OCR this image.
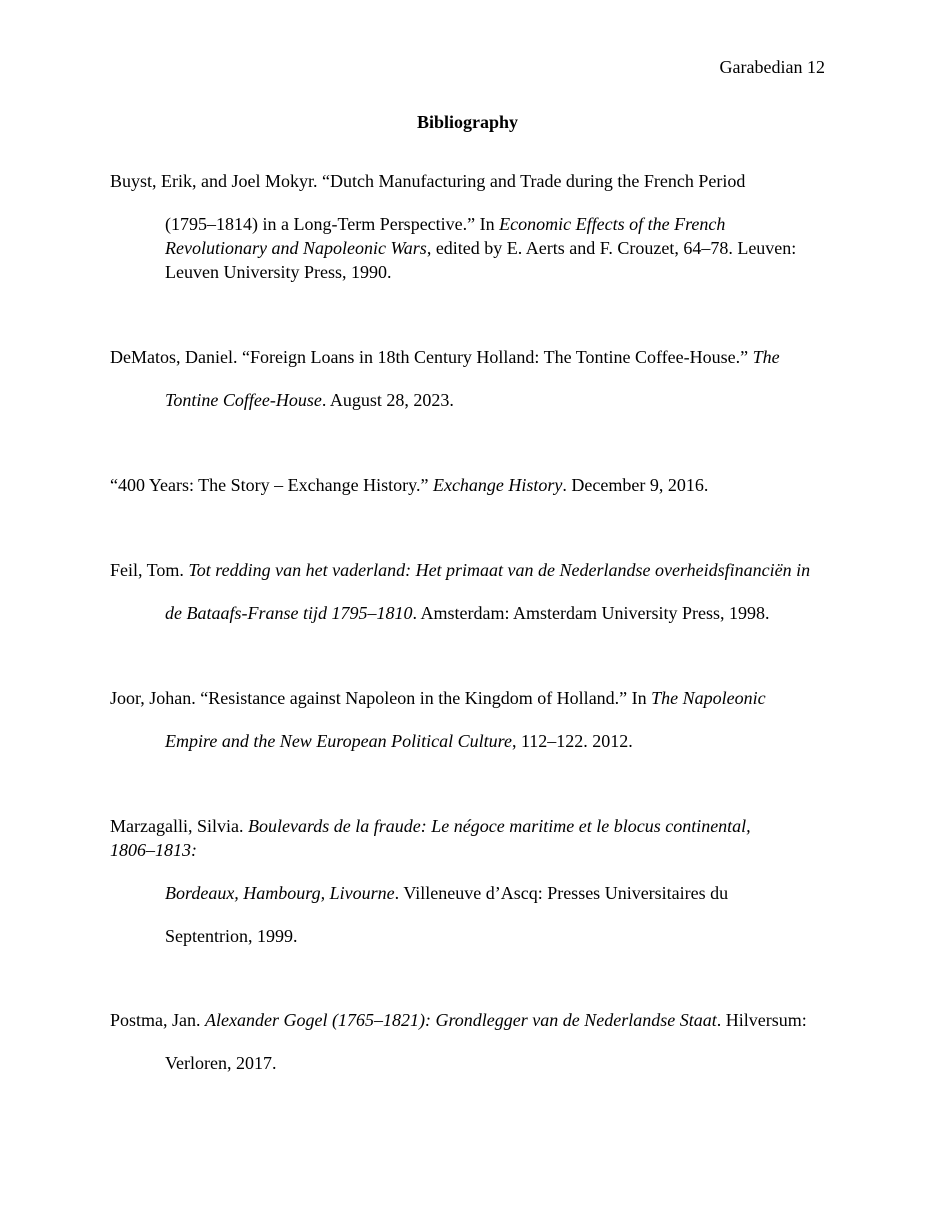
Garabedian 12
Bibliography
Buyst, Erik, and Joel Mokyr. “Dutch Manufacturing and Trade during the French Period
(1795–1814) in a Long-Term Perspective.” In Economic Effects of the French
Revolutionary and Napoleonic Wars, edited by E. Aerts and F. Crouzet, 64–78. Leuven:
Leuven University Press, 1990.
DeMatos, Daniel. “Foreign Loans in 18th Century Holland: The Tontine Coffee-House.” The
Tontine Coffee-House. August 28, 2023.
“400 Years: The Story – Exchange History.” Exchange History. December 9, 2016.
Feil, Tom. Tot redding van het vaderland: Het primaat van de Nederlandse overheidsfinanciën in
de Bataafs-Franse tijd 1795–1810. Amsterdam: Amsterdam University Press, 1998.
Joor, Johan. “Resistance against Napoleon in the Kingdom of Holland.” In The Napoleonic
Empire and the New European Political Culture, 112–122. 2012.
Marzagalli, Silvia. Boulevards de la fraude: Le négoce maritime et le blocus continental,
1806–1813:
Bordeaux, Hambourg, Livourne. Villeneuve d’Ascq: Presses Universitaires du
Septentrion, 1999.
Postma, Jan. Alexander Gogel (1765–1821): Grondlegger van de Nederlandse Staat. Hilversum:
Verloren, 2017.
